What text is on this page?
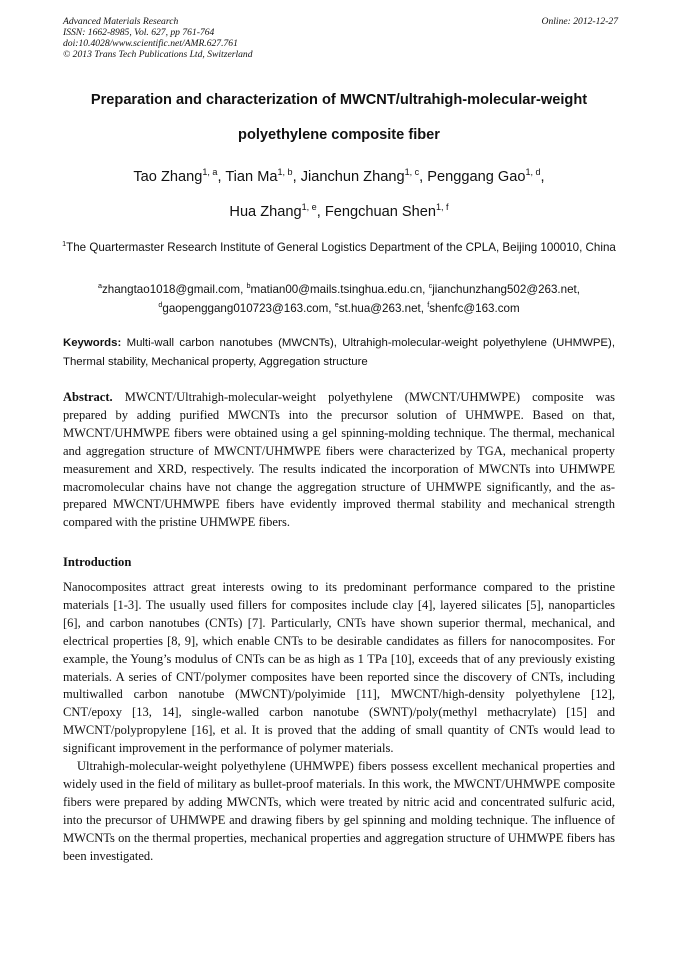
Advanced Materials Research
ISSN: 1662-8985, Vol. 627, pp 761-764
doi:10.4028/www.scientific.net/AMR.627.761
© 2013 Trans Tech Publications Ltd, Switzerland
Online: 2012-12-27
Preparation and characterization of MWCNT/ultrahigh-molecular-weight
polyethylene composite fiber
Tao Zhang$^{1, a}$, Tian Ma$^{1, b}$, Jianchun Zhang$^{1, c}$, Penggang Gao$^{1, d}$,
Hua Zhang$^{1, e}$, Fengchuan Shen$^{1, f}$
$^1$The Quartermaster Research Institute of General Logistics Department of the CPLA, Beijing 100010, China
$^a$zhangtao1018@gmail.com, $^b$matian00@mails.tsinghua.edu.cn, $^c$jianchunzhang502@263.net,
$^d$gaopenggang010723@163.com, $^e$st.hua@263.net, $^f$shenfc@163.com
Keywords: Multi-wall carbon nanotubes (MWCNTs), Ultrahigh-molecular-weight polyethylene (UHMWPE), Thermal stability, Mechanical property, Aggregation structure
Abstract. MWCNT/Ultrahigh-molecular-weight polyethylene (MWCNT/UHMWPE) composite was prepared by adding purified MWCNTs into the precursor solution of UHMWPE. Based on that, MWCNT/UHMWPE fibers were obtained using a gel spinning-molding technique. The thermal, mechanical and aggregation structure of MWCNT/UHMWPE fibers were characterized by TGA, mechanical property measurement and XRD, respectively. The results indicated the incorporation of MWCNTs into UHMWPE macromolecular chains have not change the aggregation structure of UHMWPE significantly, and the as-prepared MWCNT/UHMWPE fibers have evidently improved thermal stability and mechanical strength compared with the pristine UHMWPE fibers.
Introduction

Nanocomposites attract great interests owing to its predominant performance compared to the pristine materials [1-3]. The usually used fillers for composites include clay [4], layered silicates [5], nanoparticles [6], and carbon nanotubes (CNTs) [7]. Particularly, CNTs have shown superior thermal, mechanical, and electrical properties [8, 9], which enable CNTs to be desirable candidates as fillers for nanocomposites. For example, the Young’s modulus of CNTs can be as high as 1 TPa [10], exceeds that of any previously existing materials. A series of CNT/polymer composites have been reported since the discovery of CNTs, including multiwalled carbon nanotube (MWCNT)/polyimide [11], MWCNT/high-density polyethylene [12], CNT/epoxy [13, 14], single-walled carbon nanotube (SWNT)/poly(methyl methacrylate) [15] and MWCNT/polypropylene [16], et al. It is proved that the adding of small quantity of CNTs would lead to significant improvement in the performance of polymer materials.

Ultrahigh-molecular-weight polyethylene (UHMWPE) fibers possess excellent mechanical properties and widely used in the field of military as bullet-proof materials. In this work, the MWCNT/UHMWPE composite fibers were prepared by adding MWCNTs, which were treated by nitric acid and concentrated sulfuric acid, into the precursor of UHMWPE and drawing fibers by gel spinning and molding technique. The influence of MWCNTs on the thermal properties, mechanical properties and aggregation structure of UHMWPE fibers has been investigated.
